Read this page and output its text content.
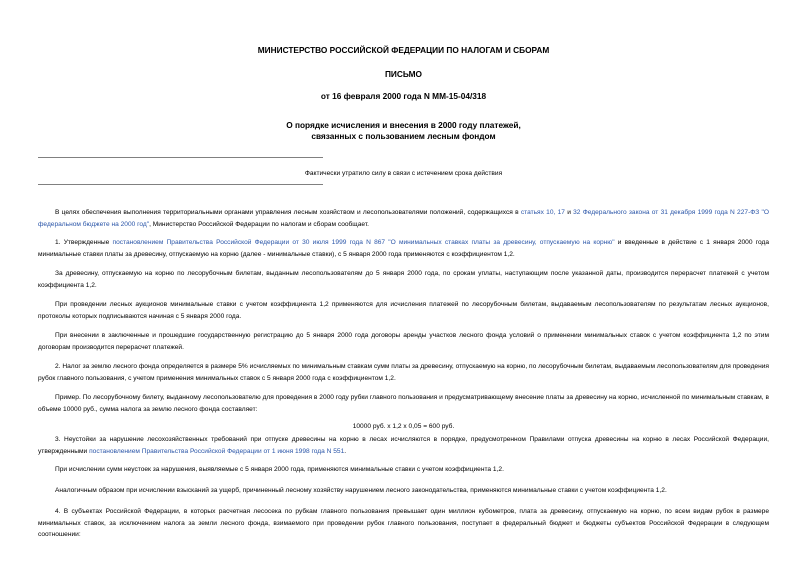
МИНИСТЕРСТВО РОССИЙСКОЙ ФЕДЕРАЦИИ ПО НАЛОГАМ И СБОРАМ
ПИСЬМО
от 16 февраля 2000 года N ММ-15-04/318
О порядке исчисления и внесения в 2000 году платежей,
связанных с пользованием лесным фондом
Фактически утратило силу в связи с истечением срока действия
В целях обеспечения выполнения территориальными органами управления лесным хозяйством и лесопользователями положений, содержащихся в статьях 10, 17 и 32 Федерального закона от 31 декабря 1999 года N 227-ФЗ "О федеральном бюджете на 2000 год", Министерство Российской Федерации по налогам и сборам сообщает.
1. Утвержденные постановлением Правительства Российской Федерации от 30 июля 1999 года N 867 "О минимальных ставках платы за древесину, отпускаемую на корню" и введенные в действие с 1 января 2000 года минимальные ставки платы за древесину, отпускаемую на корню (далее - минимальные ставки), с 5 января 2000 года применяются с коэффициентом 1,2.
За древесину, отпускаемую на корню по лесорубочным билетам, выданным лесопользователям до 5 января 2000 года, по срокам уплаты, наступающим после указанной даты, производится перерасчет платежей с учетом коэффициента 1,2.
При проведении лесных аукционов минимальные ставки с учетом коэффициента 1,2 применяются для исчисления платежей по лесорубочным билетам, выдаваемым лесопользователям по результатам лесных аукционов, протоколы которых подписываются начиная с 5 января 2000 года.
При внесении в заключенные и прошедшие государственную регистрацию до 5 января 2000 года договоры аренды участков лесного фонда условий о применении минимальных ставок с учетом коэффициента 1,2 по этим договорам производится перерасчет платежей.
2. Налог за землю лесного фонда определяется в размере 5% исчисляемых по минимальным ставкам сумм платы за древесину, отпускаемую на корню, по лесорубочным билетам, выдаваемым лесопользователям для проведения рубок главного пользования, с учетом применения минимальных ставок с 5 января 2000 года с коэффициентом 1,2.
Пример. По лесорубочному билету, выданному лесопользователю для проведения в 2000 году рубки главного пользования и предусматривающему внесение платы за древесину на корню, исчисленной по минимальным ставкам, в объеме 10000 руб., сумма налога за землю лесного фонда составляет:
10000 руб. х 1,2 х 0,05 = 600 руб.
3. Неустойки за нарушение лесохозяйственных требований при отпуске древесины на корню в лесах исчисляются в порядке, предусмотренном Правилами отпуска древесины на корню в лесах Российской Федерации, утвержденными постановлением Правительства Российской Федерации от 1 июня 1998 года N 551.
При исчислении сумм неустоек за нарушения, выявляемые с 5 января 2000 года, применяются минимальные ставки с учетом коэффициента 1,2.
Аналогичным образом при исчислении взысканий за ущерб, причиненный лесному хозяйству нарушением лесного законодательства, применяются минимальные ставки с учетом коэффициента 1,2.
4. В субъектах Российской Федерации, в которых расчетная лесосека по рубкам главного пользования превышает один миллион кубометров, плата за древесину, отпускаемую на корню, по всем видам рубок в размере минимальных ставок, за исключением налога за земли лесного фонда, взимаемого при проведении рубок главного пользования, поступает в федеральный бюджет и бюджеты субъектов Российской Федерации в следующем соотношении:
